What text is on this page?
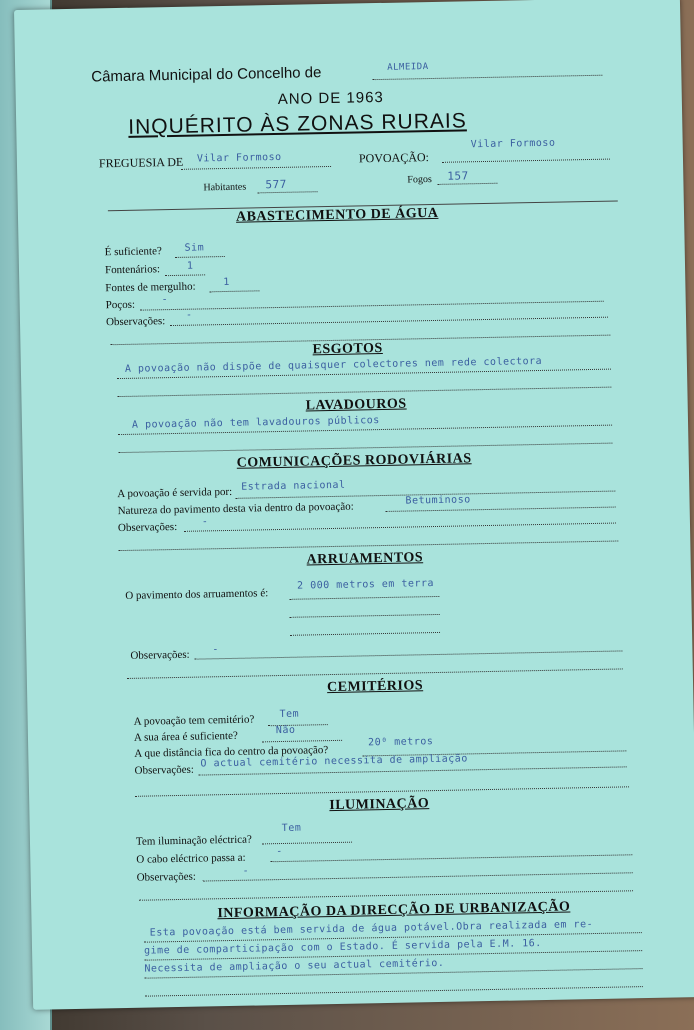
Câmara Municipal do Concelho de	ALMEIDA
ANO DE 1963
INQUÉRITO ÀS ZONAS RURAIS
FREGUESIA DE Vilar Formoso	POVOAÇÃO:
Vilar Formoso
Habitantes 577	Fogos 157
ABASTECIMENTO DE ÁGUA
É suficiente? Sim
Fontenários:	1
Fontes de mergulho:	1
Poços:	-
Observações: -
ESGOTOS
A povoação não dispõe de quaisquer colectores nem rede colectora
LAVADOUROS
A povoação não tem lavadouros públicos
COMUNICAÇÕES RODOVIÁRIAS
A povoação é servida por: Estrada nacional
Natureza do pavimento desta via dentro da povoação:
Betuminoso
Observações: -
ARRUAMENTOS
O pavimento dos arruamentos é:
2 000 metros em terra
Observações: -
CEMITÉRIOS
A povoação tem cemitério?	Tem
A sua área é suficiente?	Não
A que distância fica do centro da povoação?
20⁰ metros
Observações:
O actual cemitério necessita de ampliação
ILUMINAÇÃO
Tem iluminação eléctrica?
Tem
O cabo eléctrico passa a:
-
Observações:	-
INFORMAÇÃO DA DIRECÇÃO DE URBANIZAÇÃO
Esta povoação está bem servida de água potável.Obra realizada em re-
gime de comparticipação com o Estado. É servida pela E.M. 16.
Necessita de ampliação o seu actual cemitério.
